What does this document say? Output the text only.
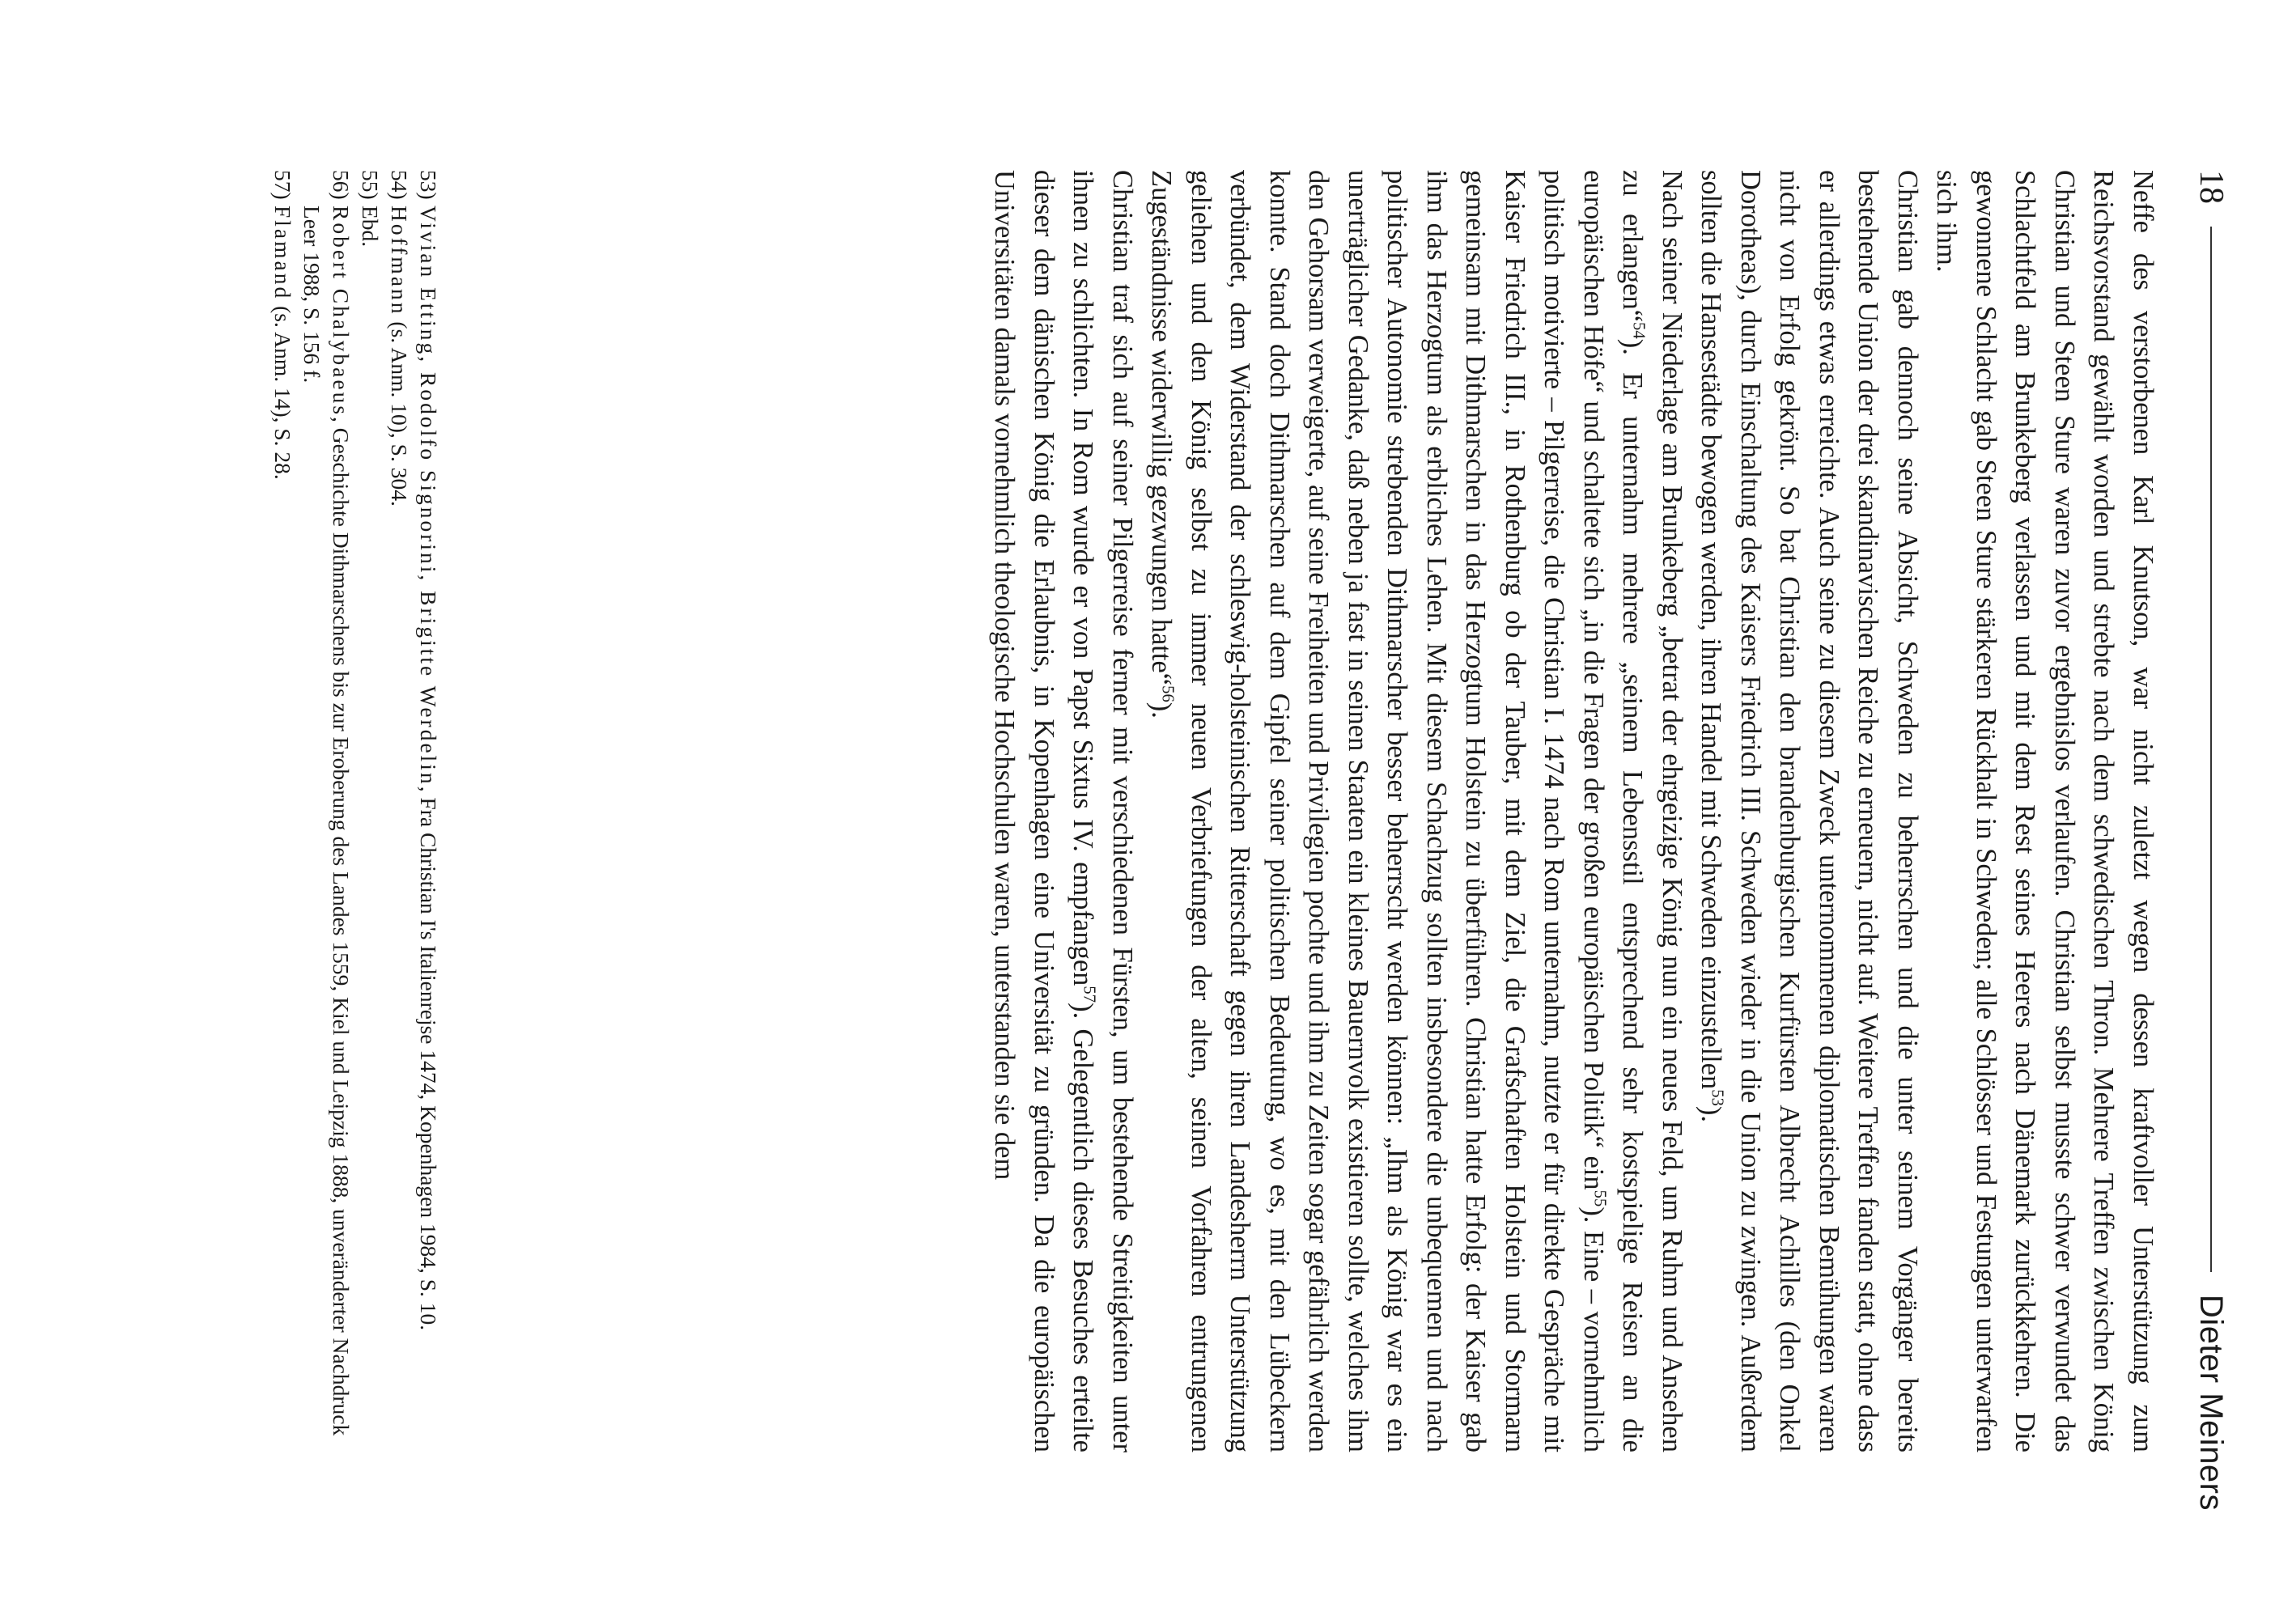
18
Dieter Meiners

Neffe des verstorbenen Karl Knutson, war nicht zuletzt wegen dessen kraftvoller Unterstützung zum Reichsvorstand gewählt worden und strebte nach dem schwedischen Thron. Mehrere Treffen zwischen König Christian und Steen Sture waren zuvor ergebnislos verlaufen. Christian selbst musste schwer verwundet das Schlachtfeld am Brunkeberg verlassen und mit dem Rest seines Heeres nach Dänemark zurückkehren. Die gewonnene Schlacht gab Steen Sture stärkeren Rückhalt in Schweden; alle Schlösser und Festungen unterwarfen sich ihm.

Christian gab dennoch seine Absicht, Schweden zu beherrschen und die unter seinem Vorgänger bereits bestehende Union der drei skandinavischen Reiche zu erneuern, nicht auf. Weitere Treffen fanden statt, ohne dass er allerdings etwas erreichte. Auch seine zu diesem Zweck unternommenen diplomatischen Bemühungen waren nicht von Erfolg gekrönt. So bat Christian den brandenburgischen Kurfürsten Albrecht Achilles (den Onkel Dorotheas), durch Einschaltung des Kaisers Friedrich III. Schweden wieder in die Union zu zwingen. Außerdem sollten die Hansestädte bewogen werden, ihren Handel mit Schweden einzustellen$^{53}$).

Nach seiner Niederlage am Brunkeberg „betrat der ehrgeizige König nun ein neues Feld, um Ruhm und Ansehen zu erlangen“$^{54}$). Er unternahm mehrere „seinem Lebensstil entsprechend sehr kostspielige Reisen an die europäischen Höfe“ und schaltete sich „in die Fragen der großen europäischen Politik“ ein$^{55}$). Eine – vornehmlich politisch motivierte – Pilgerreise, die Christian I. 1474 nach Rom unternahm, nutzte er für direkte Gespräche mit Kaiser Friedrich III., in Rothenburg ob der Tauber, mit dem Ziel, die Grafschaften Holstein und Stormarn gemeinsam mit Dithmarschen in das Herzogtum Holstein zu überführen. Christian hatte Erfolg: der Kaiser gab ihm das Herzogtum als erbliches Lehen. Mit diesem Schachzug sollten insbesondere die unbequemen und nach politischer Autonomie strebenden Dithmarscher besser beherrscht werden können: „Ihm als König war es ein unerträglicher Gedanke, daß neben ja fast in seinen Staaten ein kleines Bauernvolk existieren sollte, welches ihm den Gehorsam verweigerte, auf seine Freiheiten und Privilegien pochte und ihm zu Zeiten sogar gefährlich werden konnte. Stand doch Dithmarschen auf dem Gipfel seiner politischen Bedeutung, wo es, mit den Lübeckern verbündet, dem Widerstand der schleswig-holsteinischen Ritterschaft gegen ihren Landesherrn Unterstützung geliehen und den König selbst zu immer neuen Verbriefungen der alten, seinen Vorfahren entrungenen Zugeständnisse widerwillig gezwungen hatte“$^{56}$).

Christian traf sich auf seiner Pilgerreise ferner mit verschiedenen Fürsten, um bestehende Streitigkeiten unter ihnen zu schlichten. In Rom wurde er von Papst Sixtus IV. empfangen$^{57}$). Gelegentlich dieses Besuches erteilte dieser dem dänischen König die Erlaubnis, in Kopenhagen eine Universität zu gründen. Da die europäischen Universitäten damals vornehmlich theologische Hochschulen waren, unterstanden sie dem

53)
Vivian Etting, Rodolfo Signorini, Brigitte Werdelin, Fra Christian I's Italienrejse 1474, Kopenhagen 1984, S. 10.
54)
Hoffmann (s. Anm. 10), S. 304.
55)
Ebd.
56)
Robert Chalybaeus, Geschichte Dithmarschens bis zur Eroberung des Landes 1559, Kiel und Leipzig 1888, unveränderter Nachdruck Leer 1988, S. 156 f.
57)
Flamand (s. Anm. 14), S. 28.
